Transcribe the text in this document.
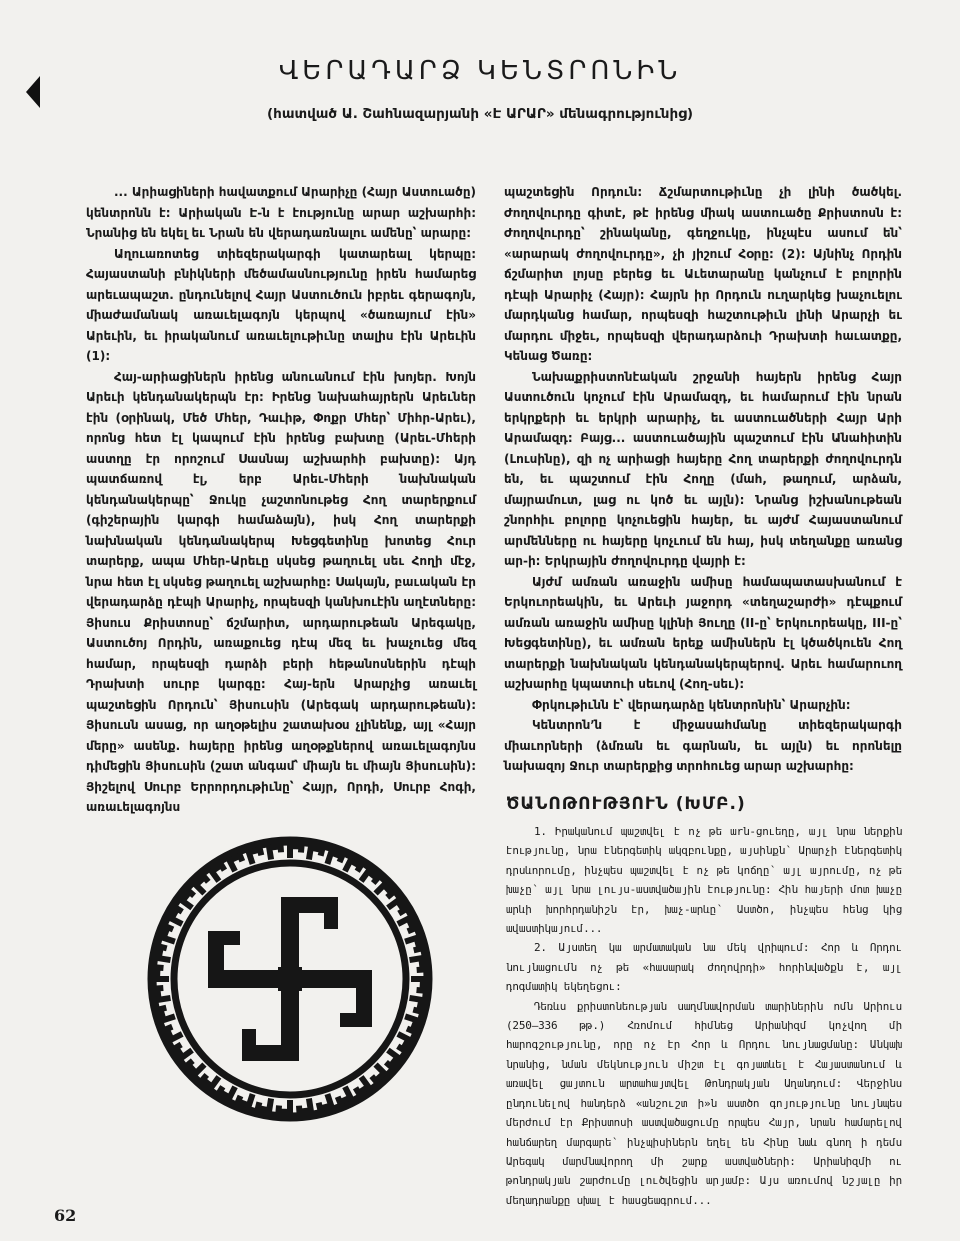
ՎԵՐԱԴԱՐՁ ԿԵՆՏՐՈՆԻՆ

(հատված Ա. Շահնազարյանի «Է ԱՐԱՐ» մենագրությունից)

... Արիացիների հավատքում Արարիչը (Հայր Աստուածը) կենտրոնն է: Արիական Է-ն է էությունը արար աշխարհի: Նրանից են եկել եւ Նրան են վերադառնալու ամենը՝ արարը:

Աղուառոտեց տիեզերակարգի կատարեալ կերպը: Հայաստանի բնիկների մեծամասնությունը իրեն համարեց արեւապաշտ. ընդունելով Հայր Աստուծուն իբրեւ գերագոյն, միաժամանակ առաւելագոյն կերպով «ծառայում էին» Արեւին, եւ իրականում առաւելութիւնը տալիս էին Արեւին (1):

Հայ-արիացիներն իրենց անուանում էին խոյեր. Խոյն Արեւի կենդանակերպն էր: Իրենց նախահայրերն Արեւներ էին (օրինակ, Մեծ Մհեր, Դաւիթ, Փոքր Մհեր՝ Միհր-Արեւ), որոնց հետ էլ կապում էին իրենց բախտը (Արեւ-Մհերի աստղը էր որոշում Սասնայ աշխարհի բախտը): Այդ պատճառով էլ, երբ Արեւ-Մհերի նախնական կենդանակերպը՝ Ջուկը չաշտոնութեց Հող տարերքում (գիշերային կարգի համաձայն), իսկ Հող տարերքի նախնական կենդանակերպ Խեցգետինը խոտեց Հուր տարերք, ապա Մհեր-Արեւը սկսեց թաղուել սեւ Հողի մէջ, նրա հետ էլ սկսեց թաղուել աշխարհը: Սակայն, բաւական էր վերադարձը դէպի Արարիչ, որպեսզի կանխուէին աղէտները: Յիսուս Քրիստոսը՝ ճշմարիտ, արդարութեան Արեգակը, Աստուծոյ Որդին, առաքուեց դէպ մեզ եւ խաչուեց մեզ համար, որպեսզի դարձի բերի հեթանոսներին դէպի Դրախտի սուրբ կարգը: Հայ-երն Արարչից առաւել պաշտեցին Որդուն՝ Յիսուսին (Արեգակ արդարութեան): Յիսուսն ասաց, որ աղօթելիս շատախօս չլինենք, այլ «Հայր մերը» ասենք. հայերը իրենց աղօթքներով առաւելագոյնս դիմեցին Յիսուսին (շատ անգամ՝ միայն եւ միայն Յիսուսին): Յիշելով Սուրբ Երրորդութիւնը՝ Հայր, Որդի, Սուրբ Հոգի, առաւելագոյնս

պաշտեցին Որդուն: Ճշմարտութիւնը չի լինի ծածկել. Ժողովուրդը գիտէ, թէ իրենց միակ աստուածը Քրիստոսն է: Ժողովուրդը՝ շինականը, գեղջուկը, ինչպէս ասում են՝ «արարակ ժողովուրդը», չի յիշում Հօրը: (2): Այնինչ Որդին ճշմարիտ լոյսը բերեց եւ Աւետարանը կանչում է բոլորին դէպի Արարիչ (Հայր): Հայրն իր Որդուն ուղարկեց խաչուելու մարդկանց համար, որպեսզի հաշտութիւն լինի Արարչի եւ մարդու միջեւ, որպեսզի վերադարձուի Դրախտի հաւատքը, Կենաց Ծառը:

Նախաքրիստոնէական շրջանի հայերն իրենց Հայր Աստուծուն կոչում էին Արամազդ, եւ համարում էին նրան երկրքերի եւ երկրի արարիչ, եւ աստուածների Հայր Արի Արամազդ: Բայց... աստուածային պաշտում էին Անահիտին (Լուսինը), զի ոչ արիացի հայերը Հող տարերքի ժողովուրդն են, եւ պաշտում էին Հողը (մահ, թաղում, արձան, մայրամուտ, լաց ու կոծ եւ այլն): Նրանց իշխանութեան շնորհիւ բոլորը կոչուեցին հայեր, եւ այժմ Հայաստանում արմենները ու հայերը կոչւում են հայ, իսկ տեղանքը առանց ար-ի: Երկրային ժողովուրդը վայրի է:

Այժմ ամռան առաջին ամիսը համապատասխանում է Երկուորեակին, եւ Արեւի յաջորդ «տեղաշարժի» դէպքում ամռան առաջին ամիսը կլինի Յուղը (II-ը՝ Երկուորեակը, III-ը՝ Խեցգետինը), եւ ամռան երեք ամիսներն էլ կծածկուեն Հող տարերքի նախնական կենդանակերպերով. Արեւ համարուող աշխարհը կպատուի սեւով (Հող-սեւ):

Փրկութիւնն է՝ վերադարձը կենտրոնին՝ Արարչին:

Կենտրոն՚ն է միջասահմանը տիեզերակարգի միաւորների (ձմռան եւ գարնան, եւ այլն) եւ որոնելը նախազոյ Ջուր տարերքից տրոհուեց արար աշխարհը:

ԾԱՆՈԹՈՒԹՅՈՒՆ (ԽՄԲ.)

1. Իրականում պաշտվել է ոչ թե աrն-ցուեղը, այլ նրա ներքին էությունը, նրա էներգետիկ ակզբունքը, այսինքն՝ Արարչի էներգետիկ դրսևորումը, ինչպես պաշտվել է ոչ թե կոճղը՝ այլ այրումը, ոչ թե խաչը՝ այլ նրա լույս-աստվածային էությունը: Հին հայերի մոտ խաչը արևի խորհրդանիշն էր, խաչ-արևը՝ Աստծո, ինչպես հենց կից ավաստիկայում...

2. Այստեղ կա արմատական նա մեկ վրիպում: Հոր և Որդու նույնացումն ոչ թե «հասարակ ժողովրդի» հորինվածքն է, այլ դոգմատիկ եկեղեցու:

Դեռևս քրիստոնեության սաղմնավորման տարիներին ոմն Արիուս (250—336 թթ.) Հռոմում հիմնեց Արիանիզմ կոչվող մի հարոգշությունը, որը ոչ էր Հոր և Որդու նույնացմանը: Անկախ նրանից, նման մեկնություն միշտ էլ գոյատևել է Հայաստանում և առավել ցայտուն արտահայտվել Թոնդրակյան Աղանդում: Վերջինս ընդունելով հանդերձ «անշուշտ ի»ն աստծո գոյությունը նույնպես մերժում էր Քրիստոսի աստվածացումը որպես Հայր, նրան համարելով հանճարեղ մարգարե՝ ինչպիսիներն եղել են Հինը նաև գնող ի դեմս Արեգակ մարմնավորող մի շարք աստվածների: Արիանիզմի ու թոնդրակյան շարժումը լուծվեցին արյամբ: Այս առումով նշյալը իր մեղադրանքը սխալ է հասցեագրում...

62
